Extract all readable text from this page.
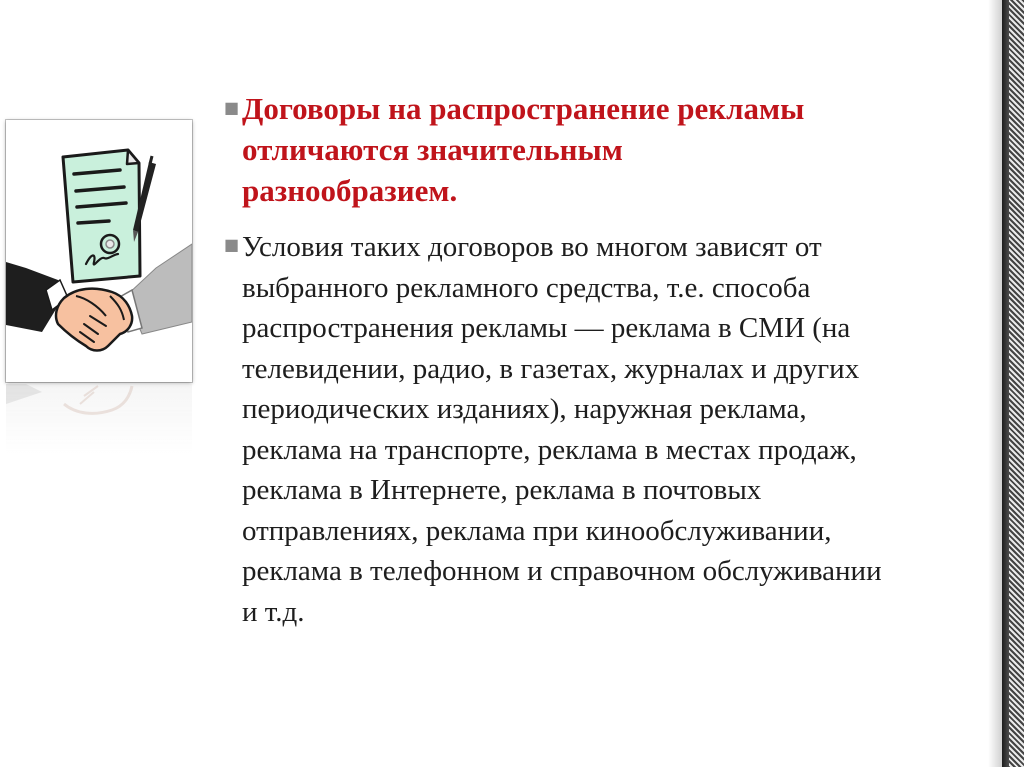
■ Договоры на распространение рекламы
отличаются значительным
разнообразием.
■ Условия таких договоров во многом зависят от
выбранного рекламного средства, т.е. способа
распространения рекламы — реклама в СМИ (на
телевидении, радио, в газетах, журналах и других
периодических изданиях), наружная реклама,
реклама на транспорте, реклама в местах продаж,
реклама в Интернете, реклама в почтовых
отправлениях, реклама при кинообслуживании,
реклама в телефонном и справочном обслуживании
и т.д.
